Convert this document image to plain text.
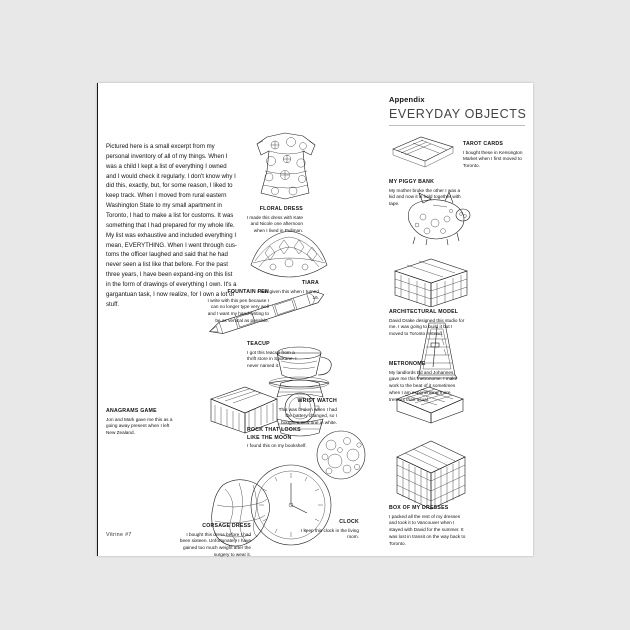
Appendix
EVERYDAY OBJECTS
Pictured here is a small excerpt from my personal inventory of all of my things. When I was a child I kept a list of everything I owned and I would check it regularly. I don't know why I did this, exactly, but, for some reason, I liked to keep track. When I moved from rural eastern Washington State to my small apartment in Toronto, I had to make a list for customs. It was something that I had prepared for my whole life. My list was exhaustive and included everything I mean, EVERYTHING. When I went through cus-toms the officer laughed and said that he had never seen a list like that before. For the past three years, I have been expand-ing on this list in the form of drawings of everything I own. It's a gargantuan task, I now realize, for I own a lot of stuff.
Vitrine #7
FLORAL DRESS
I made this dress with Kate and Nicole one afternoon when I lived in Pullman.
TIARA
I was given this when I turned 16.
FOUNTAIN PEN
I write with this pen because I can no longer type very well and I want my hand-writing to be as vertical as possible.
TEACUP
I got this teacup from a thrift store in Spokane. I never named it.
ANAGRAMS GAME
Jon and Mark gave me this as a going away present when I left New Zealand.
WRIST WATCH
This was broken when I had the battery changed, so I bought a new one in white.
ROCK THAT LOOKS LIKE THE MOON
I found this on my bookshelf.
CLOCK
I keep this clock in the living room.
CORSAGE DRESS
I bought this dress before I had been sixteen. Unfortunately I have gained too much weight after the surgery to wear it.
TAROT CARDS
I bought these in Kensington Market when I first moved to Toronto.
MY PIGGY BANK
My mother broke the other I was a kid and now it is held together with tape.
ARCHITECTURAL MODEL
David Drake designed this studio for me. I was going to build it but I moved to Toronto instead.
METRONOME
My landlords Ed and Johannes gave me this metronome. I make work to the beat of it sometimes when I am experiencing more tremors than usual.
BOX OF MY DRESSES
I packed all the rest of my dresses and took it to Vancouver when I stayed with David for the summer. It was lost in transit on the way back to Toronto.
